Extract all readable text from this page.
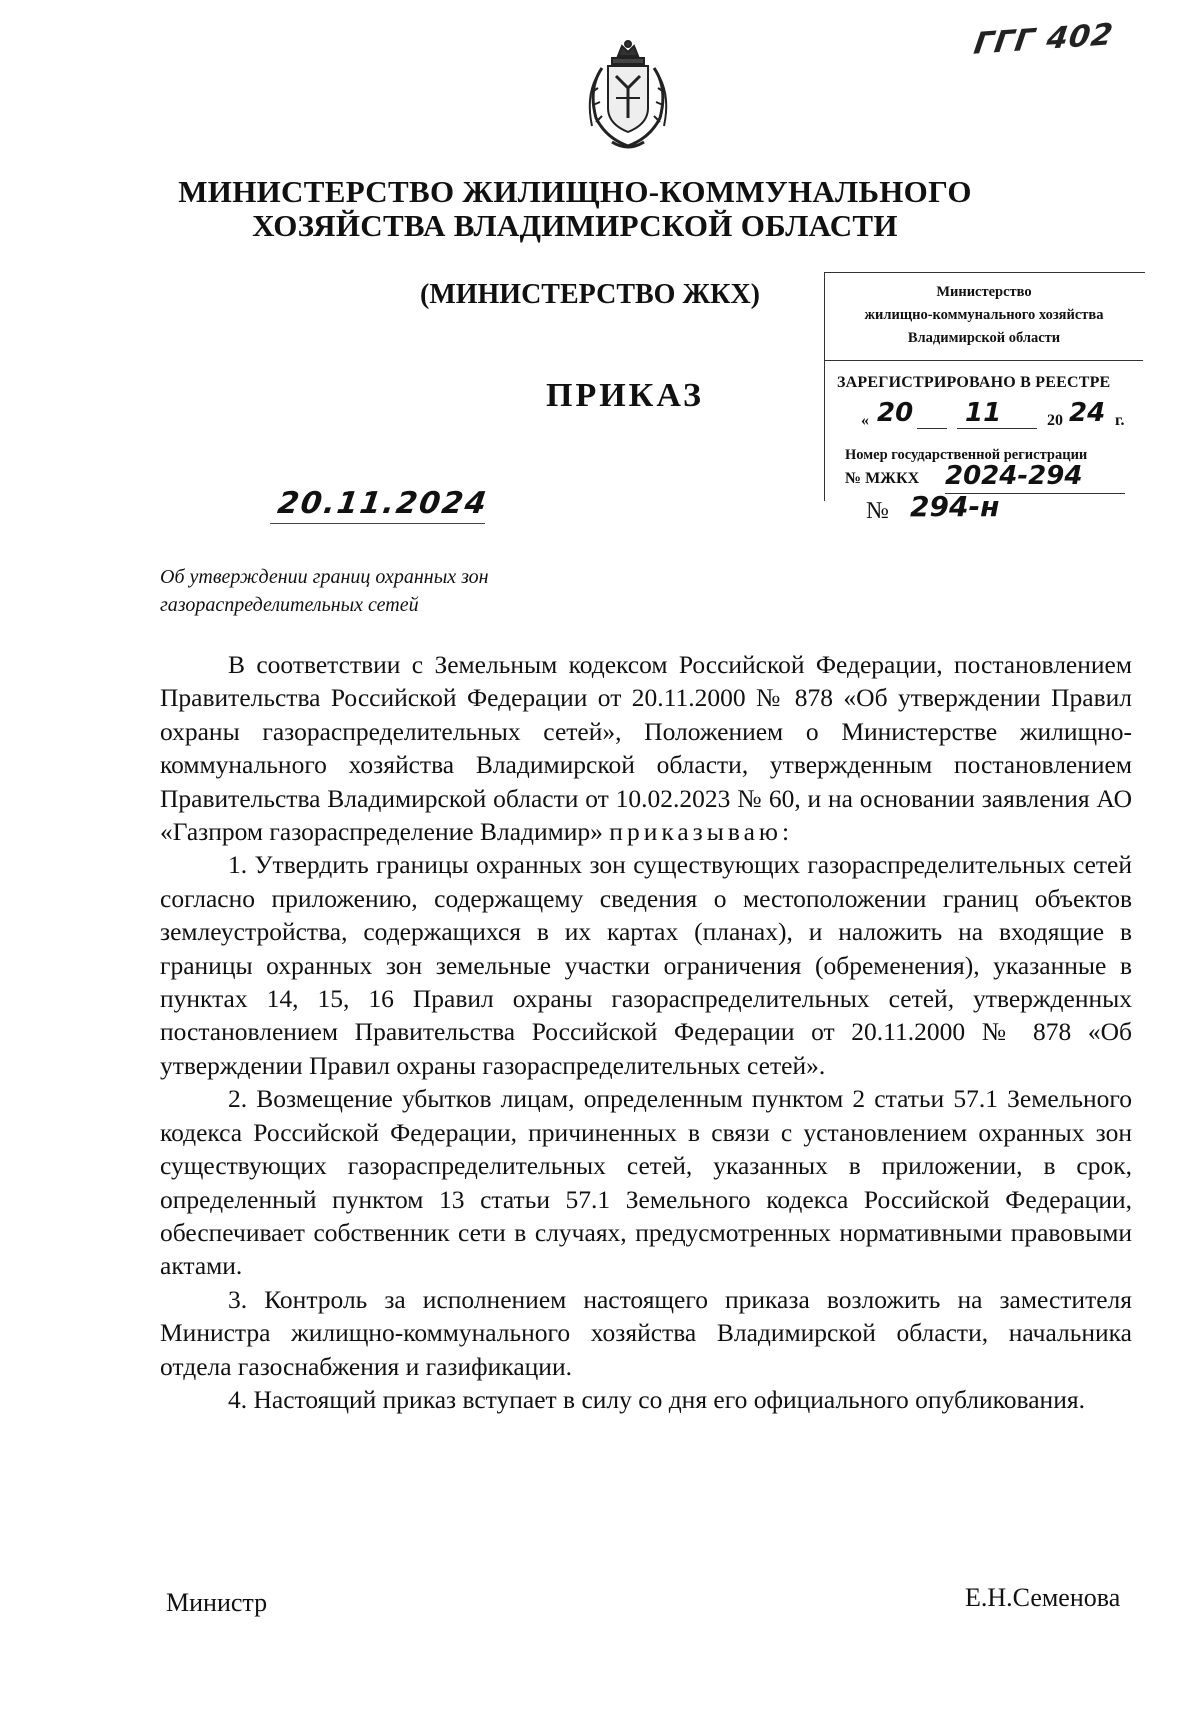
ГГГ 402
МИНИСТЕРСТВО ЖИЛИЩНО-КОММУНАЛЬНОГО
ХОЗЯЙСТВА ВЛАДИМИРСКОЙ ОБЛАСТИ
(МИНИСТЕРСТВО ЖКХ)
ПРИКАЗ
Министерство
жилищно-коммунального хозяйства
Владимирской области
ЗАРЕГИСТРИРОВАНО В РЕЕСТРЕ
« 20 11	20 24 г.
Номер государственной регистрации
№ МЖКХ 2024-294
№ 294-н
20.11.2024
Об утверждении границ охранных зон
газораспределительных сетей

В соответствии с Земельным кодексом Российской Федерации, постановлением Правительства Российской Федерации от 20.11.2000 № 878 «Об утверждении Правил охраны газораспределительных сетей», Положением о Министерстве жилищно-коммунального хозяйства Владимирской области, утвержденным постановлением Правительства Владимирской области от 10.02.2023 № 60, и на основании заявления АО «Газпром газораспределение Владимир» приказываю:

1. Утвердить границы охранных зон существующих газораспределительных сетей согласно приложению, содержащему сведения о местоположении границ объектов землеустройства, содержащихся в их картах (планах), и наложить на входящие в границы охранных зон земельные участки ограничения (обременения), указанные в пунктах 14, 15, 16 Правил охраны газораспределительных сетей, утвержденных постановлением Правительства Российской Федерации от 20.11.2000 № 878 «Об утверждении Правил охраны газораспределительных сетей».

2. Возмещение убытков лицам, определенным пунктом 2 статьи 57.1 Земельного кодекса Российской Федерации, причиненных в связи с установлением охранных зон существующих газораспределительных сетей, указанных в приложении, в срок, определенный пунктом 13 статьи 57.1 Земельного кодекса Российской Федерации, обеспечивает собственник сети в случаях, предусмотренных нормативными правовыми актами.

3. Контроль за исполнением настоящего приказа возложить на заместителя Министра жилищно-коммунального хозяйства Владимирской области, начальника отдела газоснабжения и газификации.

4. Настоящий приказ вступает в силу со дня его официального опубликования.

Министр	Е.Н.Семенова
